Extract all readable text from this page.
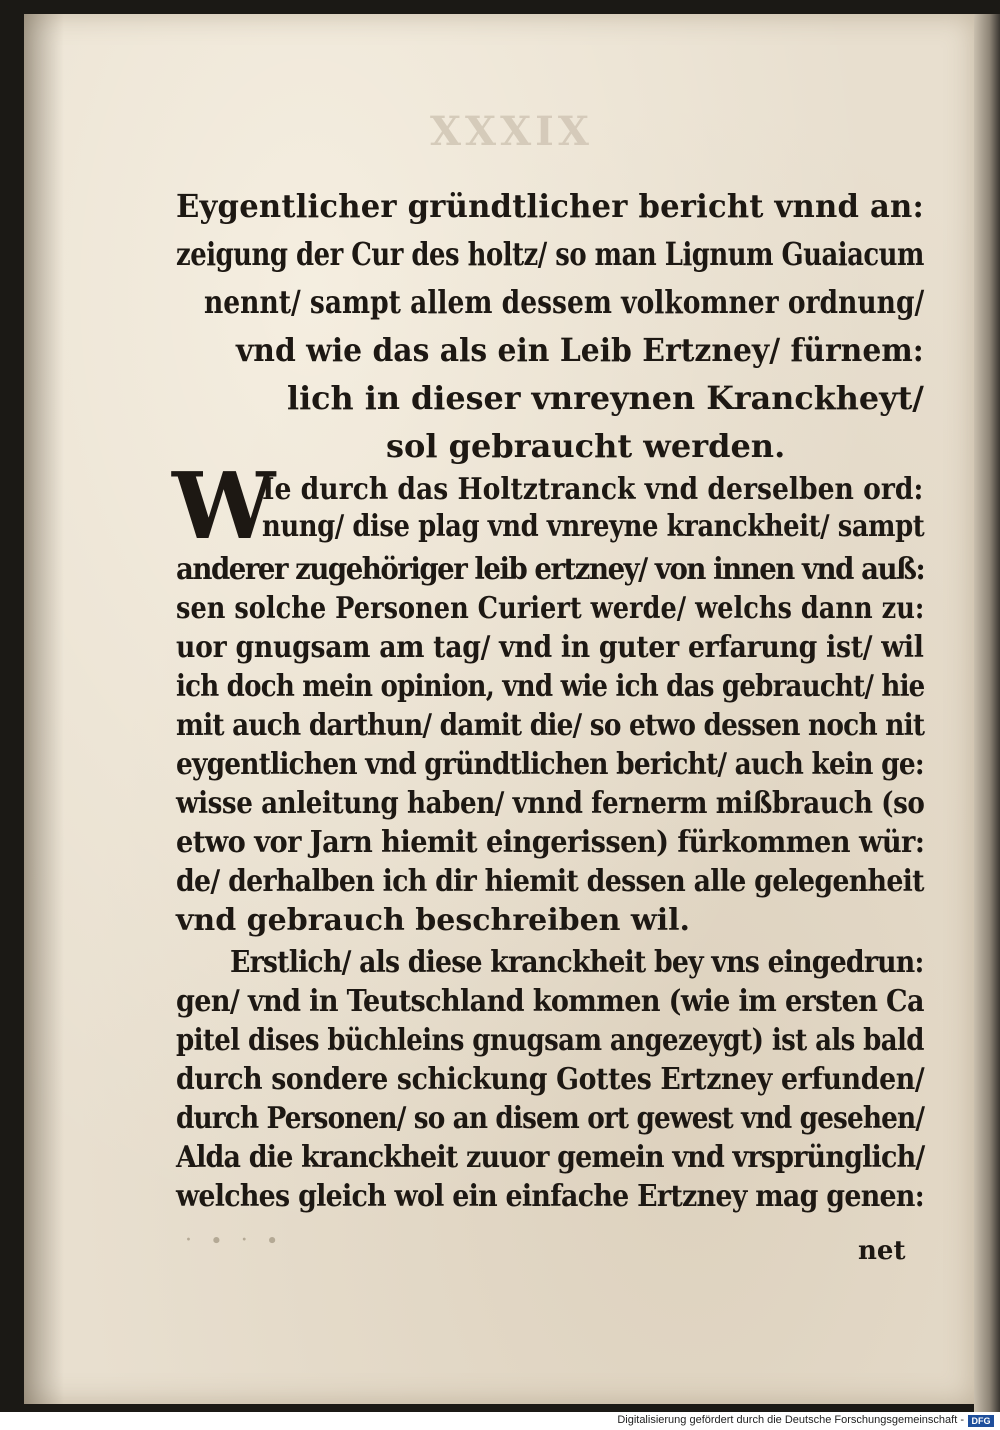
XXXIX
Eygentlicher gründtlicher bericht vnnd an:
zeigung der Cur des holtz/ so man Lignum Guaiacum
nennt/ sampt allem dessem volkomner ordnung/
vnd wie das als ein Leib Ertzney/ fürnem:
lich in dieser vnreynen Kranckheyt/
sol gebraucht werden.
W
Ie durch das Holtztranck vnd derselben ord:
nung/ dise plag vnd vnreyne kranckheit/ sampt
anderer zugehöriger leib ertzney/ von innen vnd auß:
sen solche Personen Curiert werde/ welchs dann zu:
uor gnugsam am tag/ vnd in guter erfarung ist/ wil
ich doch mein opinion, vnd wie ich das gebraucht/ hie
mit auch darthun/ damit die/ so etwo dessen noch nit
eygentlichen vnd gründtlichen bericht/ auch kein ge:
wisse anleitung haben/ vnnd fernerm mißbrauch (so
etwo vor Jarn hiemit eingerissen) fürkommen wür:
de/ derhalben ich dir hiemit dessen alle gelegenheit
vnd gebrauch beschreiben wil.
Erstlich/ als diese kranckheit bey vns eingedrun:
gen/ vnd in Teutschland kommen (wie im ersten Ca
pitel dises büchleins gnugsam angezeygt) ist als bald
durch sondere schickung Gottes Ertzney erfunden/
durch Personen/ so an disem ort gewest vnd gesehen/
Alda die kranckheit zuuor gemein vnd vrsprünglich/
welches gleich wol ein einfache Ertzney mag genen:
· ∙ · ∙	net
Digitalisierung gefördert durch die Deutsche Forschungsgemeinschaft - DFG
